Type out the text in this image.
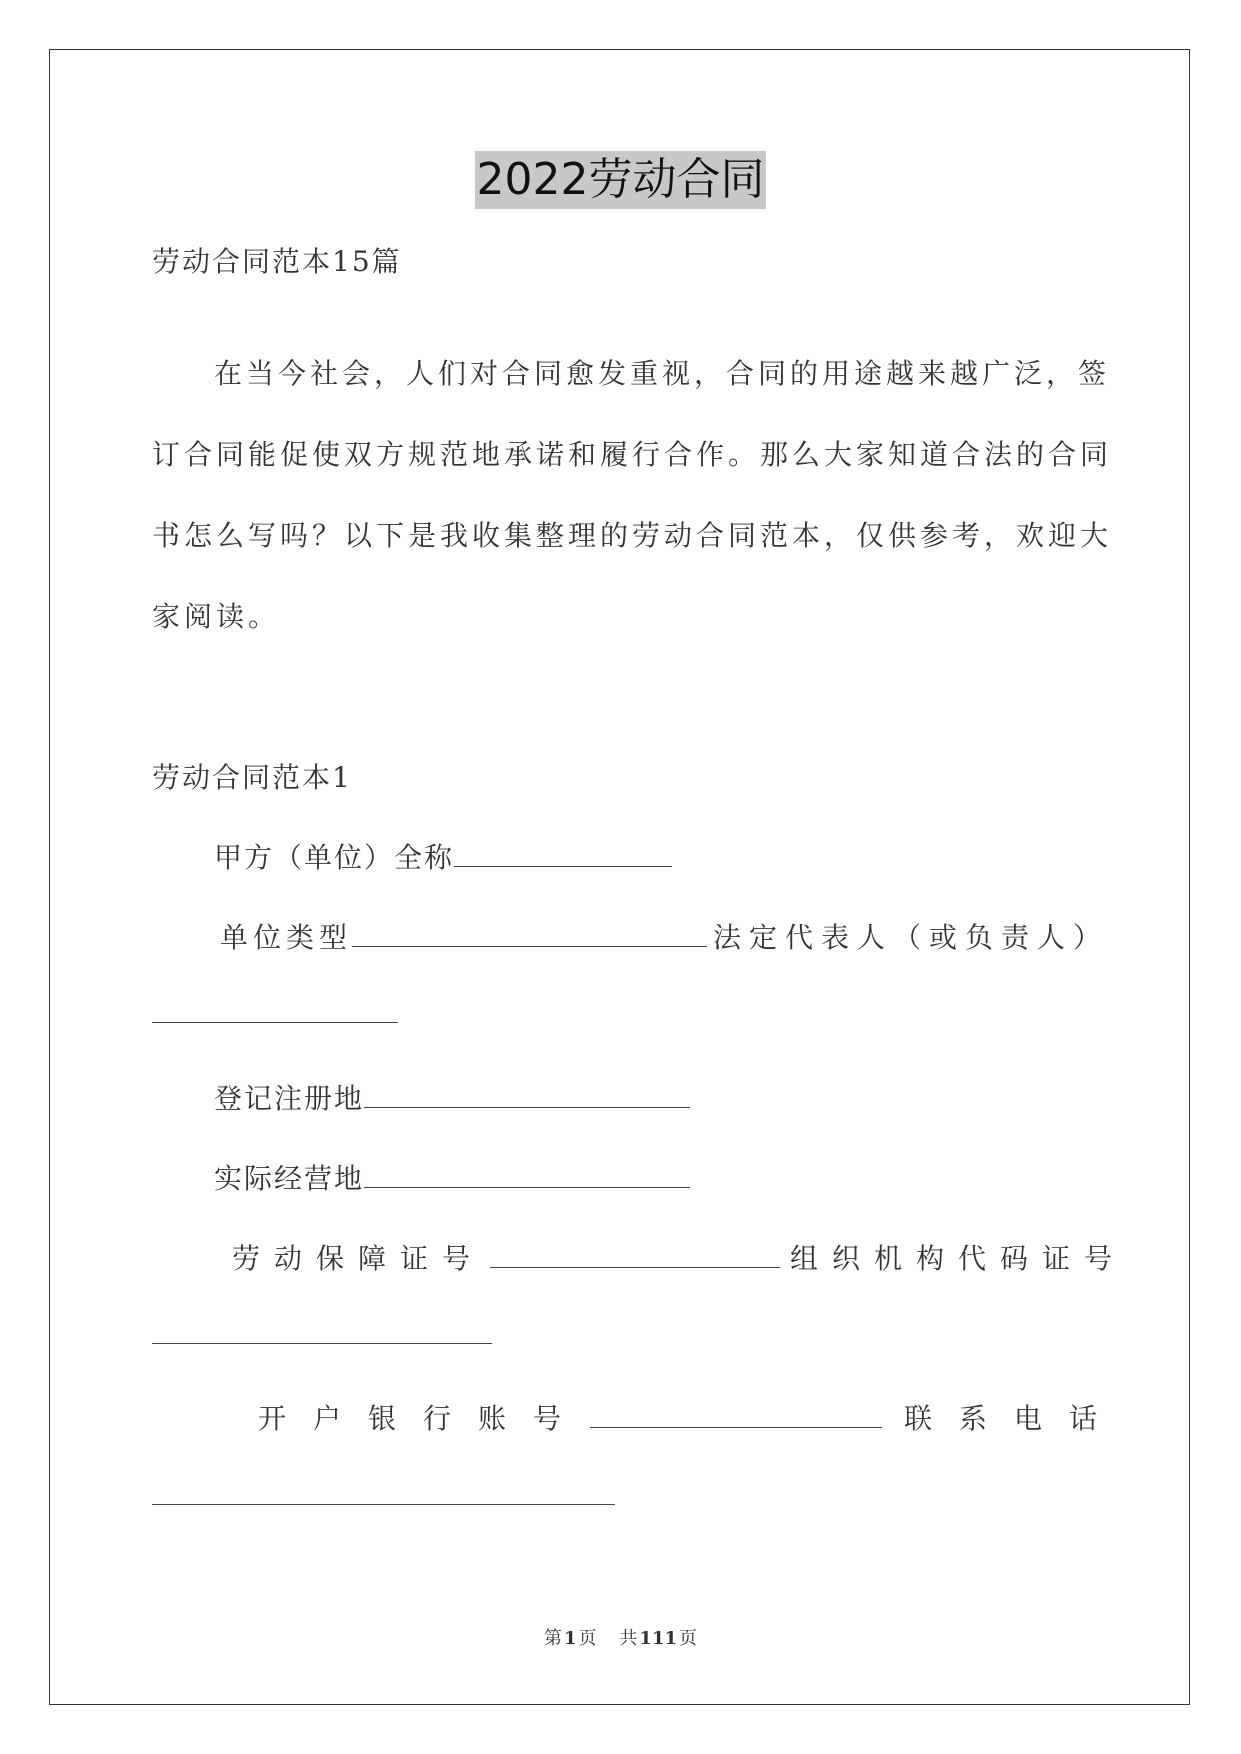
2022劳动合同
劳动合同范本15篇
在当今社会，人们对合同愈发重视，合同的用途越来越广泛，签
订合同能促使双方规范地承诺和履行合作。那么大家知道合法的合同
书怎么写吗？以下是我收集整理的劳动合同范本，仅供参考，欢迎大
家阅读。
劳动合同范本1
甲方（单位）全称
单位类型	法定代表人（或负责人）
登记注册地
实际经营地
劳动保障证号	组织机构代码证号
开户银行账号	联系电话
第 1 页 共 111 页
